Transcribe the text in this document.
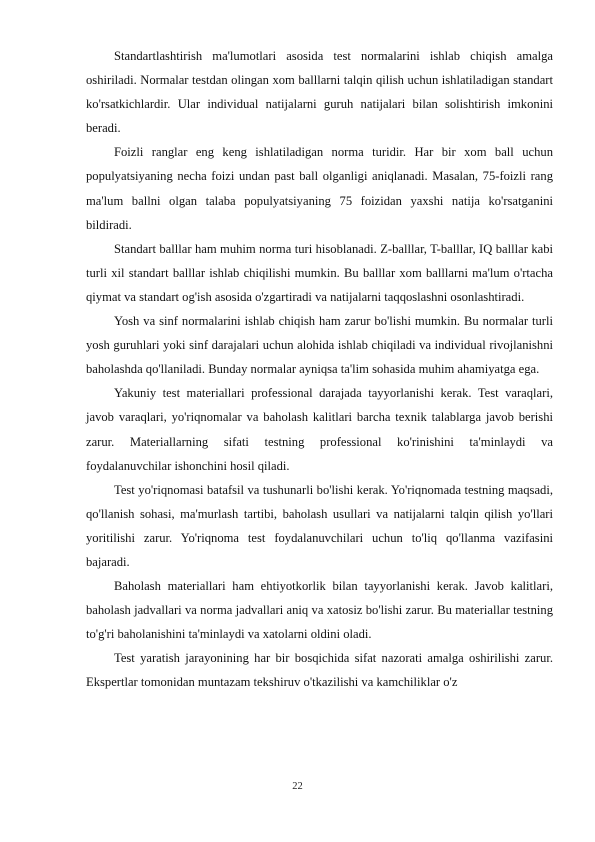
Standartlashtirish ma'lumotlari asosida test normalarini ishlab chiqish amalga oshiriladi. Normalar testdan olingan xom balllarni talqin qilish uchun ishlatiladigan standart ko'rsatkichlardir. Ular individual natijalarni guruh natijalari bilan solishtirish imkonini beradi.

Foizli ranglar eng keng ishlatiladigan norma turidir. Har bir xom ball uchun populyatsiyaning necha foizi undan past ball olganligi aniqlanadi. Masalan, 75-foizli rang ma'lum ballni olgan talaba populyatsiyaning 75 foizidan yaxshi natija ko'rsatganini bildiradi.

Standart balllar ham muhim norma turi hisoblanadi. Z-balllar, T-balllar, IQ balllar kabi turli xil standart balllar ishlab chiqilishi mumkin. Bu balllar xom balllarni ma'lum o'rtacha qiymat va standart og'ish asosida o'zgartiradi va natijalarni taqqoslashni osonlashtiradi.

Yosh va sinf normalarini ishlab chiqish ham zarur bo'lishi mumkin. Bu normalar turli yosh guruhlari yoki sinf darajalari uchun alohida ishlab chiqiladi va individual rivojlanishni baholashda qo'llaniladi. Bunday normalar ayniqsa ta'lim sohasida muhim ahamiyatga ega.

Yakuniy test materiallari professional darajada tayyorlanishi kerak. Test varaqlari, javob varaqlari, yo'riqnomalar va baholash kalitlari barcha texnik talablarga javob berishi zarur. Materiallarning sifati testning professional ko'rinishini ta'minlaydi va foydalanuvchilar ishonchini hosil qiladi.

Test yo'riqnomasi batafsil va tushunarli bo'lishi kerak. Yo'riqnomada testning maqsadi, qo'llanish sohasi, ma'murlash tartibi, baholash usullari va natijalarni talqin qilish yo'llari yoritilishi zarur. Yo'riqnoma test foydalanuvchilari uchun to'liq qo'llanma vazifasini bajaradi.

Baholash materiallari ham ehtiyotkorlik bilan tayyorlanishi kerak. Javob kalitlari, baholash jadvallari va norma jadvallari aniq va xatosiz bo'lishi zarur. Bu materiallar testning to'g'ri baholanishini ta'minlaydi va xatolarni oldini oladi.

Test yaratish jarayonining har bir bosqichida sifat nazorati amalga oshirilishi zarur. Ekspertlar tomonidan muntazam tekshiruv o'tkazilishi va kamchiliklar o'z

22
